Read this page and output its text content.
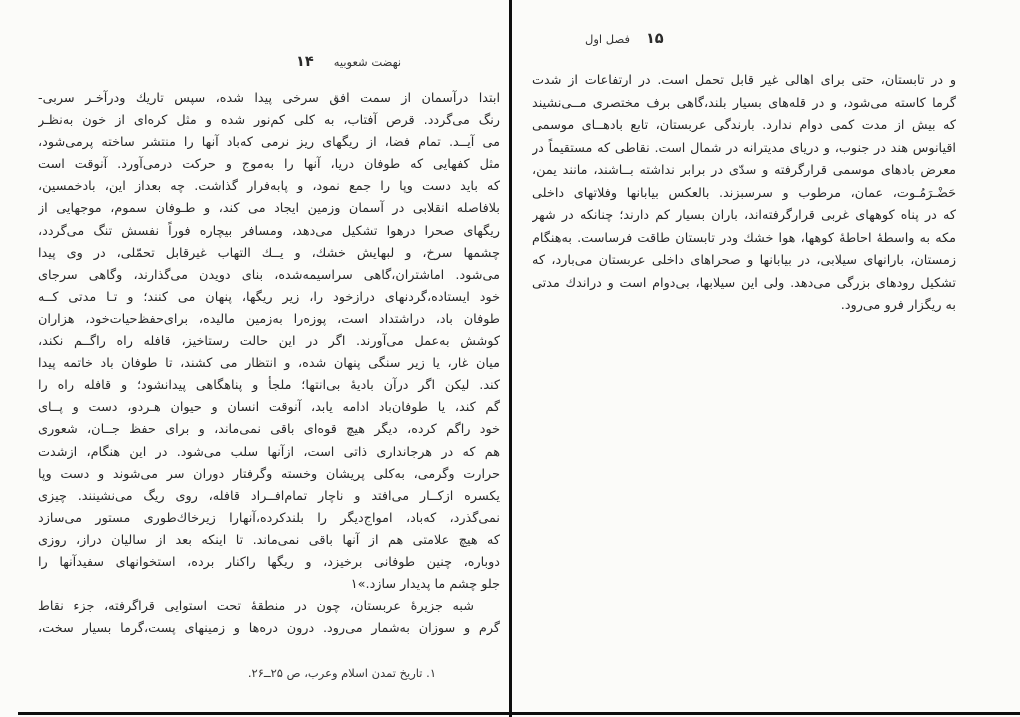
۱۴ نهضت شعوبیه
ابتدا درآسمان از سمت افق سرخی پیدا شده، سپس تاریك ودرآخـر سربی-
رنگ می‌گردد. قرص آفتاب، به کلی کم‌نور شده و مثل کره‌ای از خون به‌نظـر
می آیــد. تمام فضا، از ریگهای ریز نرمی که‌باد آنها را منتشر ساخته پرمی‌شود،
مثل کفهایی که طوفان دریا، آنها را به‌موج و حرکت درمی‌آورد. آنوقت است
که باید دست وپا را جمع نمود، و پابه‌فرار گذاشت. چه بعداز این، بادخمسین،
بلافاصله انقلابی در آسمان وزمین ایجاد می کند، و طـوفان سموم، موجهایی از
ریگهای صحرا درهوا تشکیل می‌دهد، ومسافر بیچاره فوراً نفسش تنگ می‌گردد،
چشمها سرخ، و لبهایش خشك، و یــك التهاب غیرقابل تحمّلی، در وی پیدا
می‌شود. اماشتران،گاهی سراسیمه‌شده، بنای دویدن می‌گذارند، وگاهی سرجای
خود ایستاده،گردنهای درازخود را، زیر ریگها، پنهان می کنند؛ و تـا مدتی کــه
طوفان باد، دراشتداد است، پوزه‌را به‌زمین مالیده، برای‌حفظ‌حیات‌خود، هزاران
کوشش به‌عمل می‌آورند. اگر در این حالت رستاخیز، قافله راه راگــم نکند،
میان غار، یا زیر سنگی پنهان شده، و انتظار می کشند، تا طوفان باد خاتمه پیدا
کند. لیکن اگر درآن بادیهٔ بی‌انتها؛ ملجأ و پناهگاهی پیدانشود؛ و قافله راه را
گم کند، یا طوفان‌باد ادامه یابد، آنوقت انسان و حیوان هـردو، دست و پــای
خود راگم کرده، دیگر هیچ قوه‌ای باقی نمی‌ماند، و برای حفظ جــان، شعوری
هم که در هرجانداری ذاتی است، ازآنها سلب می‌شود. در این هنگام، ازشدت
حرارت وگرمی، به‌کلی پریشان وخسته وگرفتار دوران سر می‌شوند و دست وپا
یکسره ازکــار می‌افتد و ناچار تمام‌افــراد قافله، روی ریگ می‌نشینند. چیزی
نمی‌گذرد، که‌باد، امواج‌دیگر را بلندکرده،آنهارا زیرخاك‌طوری مستور می‌سازد
که هیچ علامتی هم از آنها باقی نمی‌ماند. تا اینکه بعد از سالیان دراز، روزی
دوباره، چنین طوفانی برخیزد، و ریگها راکنار برده، استخوانهای سفیدآنها را
جلو چشم ما پدیدار سازد.»۱
شبه جزیرهٔ عربستان، چون در منطقهٔ تحت استوایی قراگرفته، جزء نقاط
گرم و سوزان به‌شمار می‌رود. درون دره‌ها و زمینهای پست،گرما بسیار سخت،
۱. تاریخ تمدن اسلام وعرب، ص ۲۵ــ۲۶.
فصل اول ۱۵
و در تابستان، حتی برای اهالی غیر قابل تحمل است. در ارتفاعات از شدت
گرما کاسته می‌شود، و در قله‌های بسیار بلند،گاهی برف مختصری مــی‌نشیند
که بیش از مدت کمی دوام ندارد. بارندگی عربستان، تابع بادهــای موسمی
اقیانوس هند در جنوب، و دریای مدیترانه در شمال است. نقاطی که مستقیماً در
معرض بادهای موسمی قرارگرفته و سدّی در برابر نداشته بــاشند، مانند یمن،
حَضْـرَمُـوت، عمان، مرطوب و سرسبزند. بالعکس بیابانها وفلاتهای داخلی
که در پناه کوههای غربی قرارگرفته‌اند، باران بسیار کم دارند؛ چنانکه در شهر
مکه به واسطهٔ احاطهٔ کوهها، هوا خشك ودر تابستان طاقت فرساست. به‌هنگام
زمستان، بارانهای سیلابی، در بیابانها و صحراهای داخلی عربستان می‌بارد، که
تشکیل رودهای بزرگی می‌دهد. ولی این سیلابها، بی‌دوام است و دراندك مدتی
به ریگزار فرو می‌رود.
